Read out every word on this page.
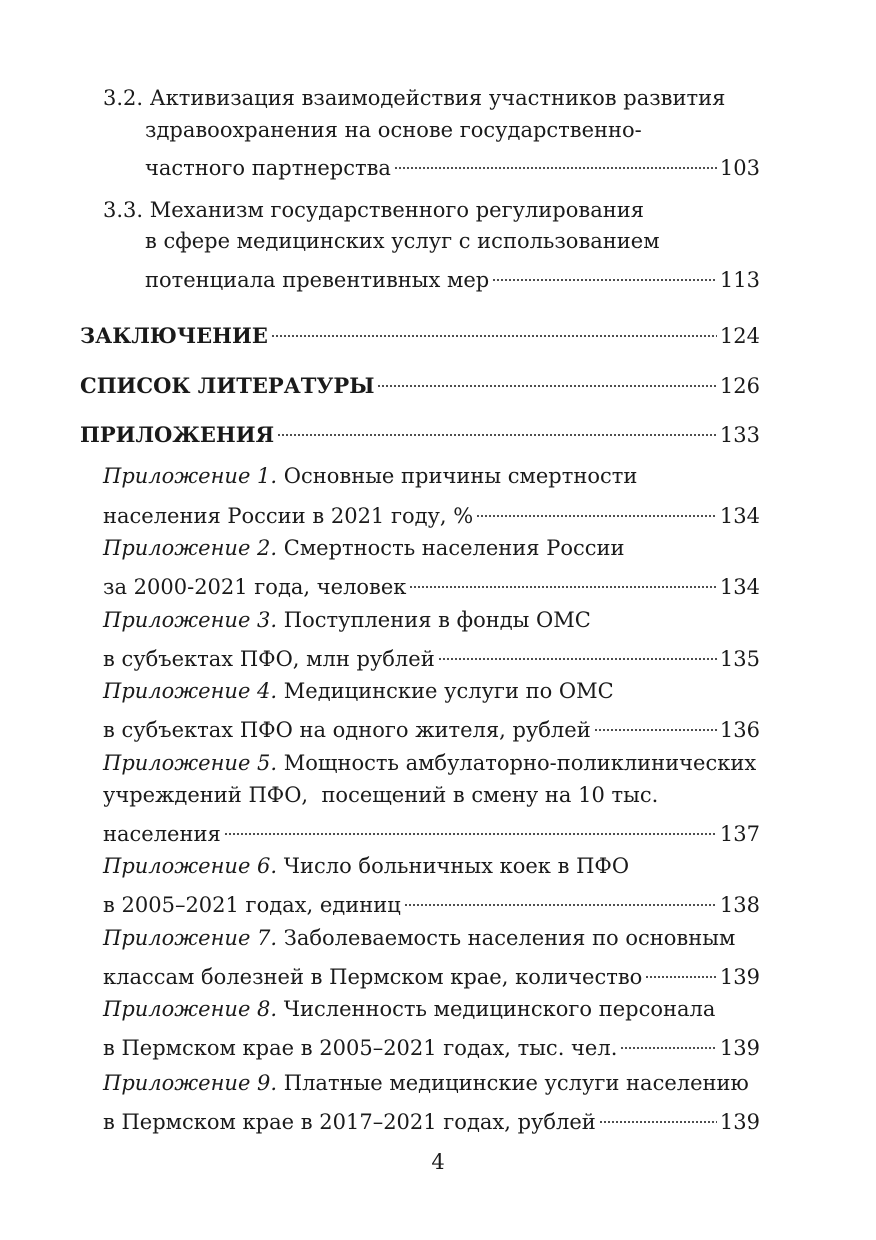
3.2. Активизация взаимодействия участников развития
здравоохранения на основе государственно-
частного партнерства	103
3.3. Механизм государственного регулирования
в сфере медицинских услуг с использованием
потенциала превентивных мер	113
ЗАКЛЮЧЕНИЕ	124
СПИСОК ЛИТЕРАТУРЫ	126
ПРИЛОЖЕНИЯ	133
Приложение 1. Основные причины смертности
населения России в 2021 году, %	134
Приложение 2. Смертность населения России
за 2000-2021 года, человек	134
Приложение 3. Поступления в фонды ОМС
в субъектах ПФО, млн рублей	135
Приложение 4. Медицинские услуги по ОМС
в субъектах ПФО на одного жителя, рублей	136
Приложение 5. Мощность амбулаторно-поликлинических
учреждений ПФО,  посещений в смену на 10 тыс.
населения	137
Приложение 6. Число больничных коек в ПФО
в 2005–2021 годах, единиц	138
Приложение 7. Заболеваемость населения по основным
классам болезней в Пермском крае, количество	139
Приложение 8. Численность медицинского персонала
в Пермском крае в 2005–2021 годах, тыс. чел.	139
Приложение 9. Платные медицинские услуги населению
в Пермском крае в 2017–2021 годах, рублей	139
4
